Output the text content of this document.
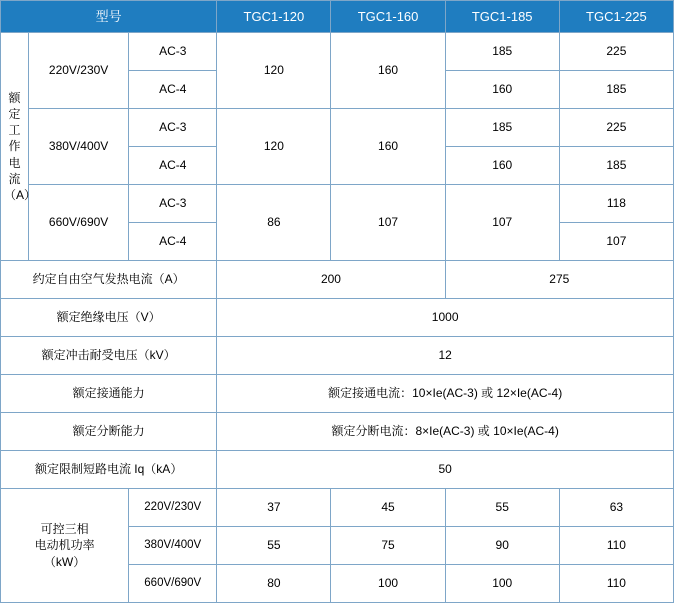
型号			TGC1-120	TGC1-160	TGC1-185	TGC1-225

额定
工作
电流
（A）	220V/230V	AC-3	120	160	185	225
		AC-4			160	185
	380V/400V	AC-3	120	160	185	225
		AC-4			160	185
	660V/690V	AC-3	86	107	107	118
		AC-4				107
约定自由空气发热电流（A）			200		275	
额定绝缘电压（V）			1000			
额定冲击耐受电压（kV）			12			
额定接通能力			额定接通电流：10×Ie(AC-3) 或 12×Ie(AC-4)			
额定分断能力			额定分断电流：8×Ie(AC-3) 或 10×Ie(AC-4)			
额定限制短路电流 Iq（kA）			50			

可控三相
电动机功率
（kW）		220V/230V	37	45	55	63
		380V/400V	55	75	90	110
		660V/690V	80	100	100	110
